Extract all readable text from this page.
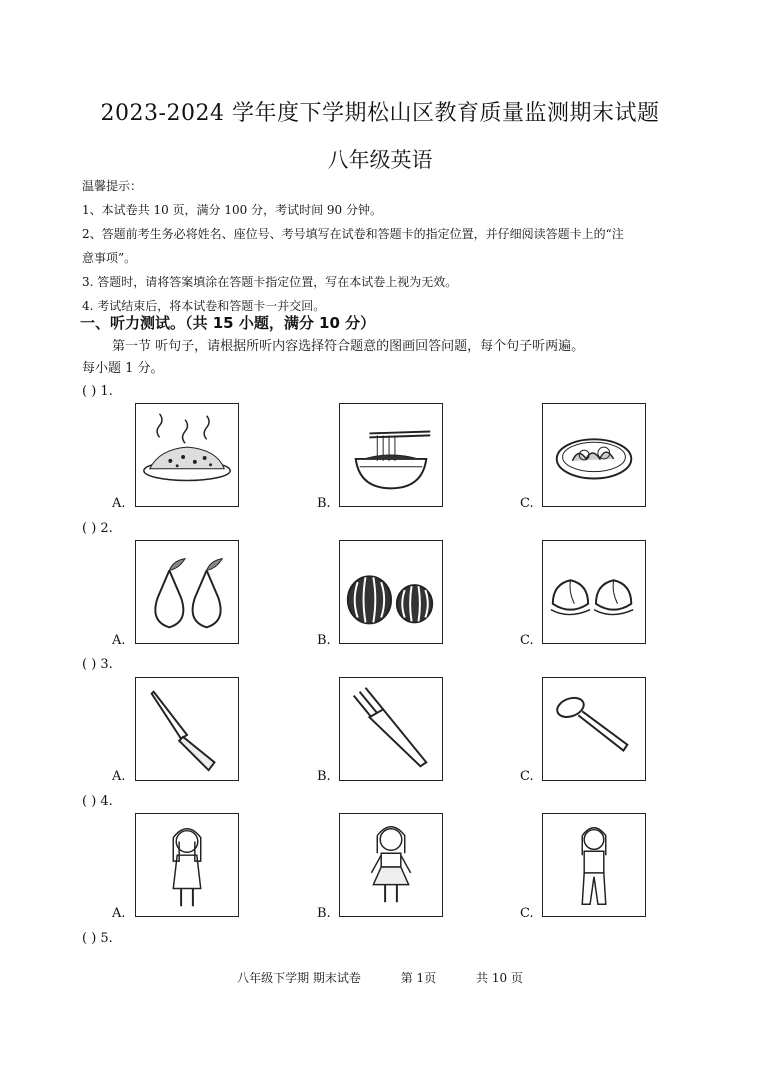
2023-2024 学年度下学期松山区教育质量监测期末试题
八年级英语
温馨提示：
1、本试卷共 10 页，满分 100 分，考试时间 90 分钟。
2、答题前考生务必将姓名、座位号、考号填写在试卷和答题卡的指定位置，并仔细阅读答题卡上的“注
意事项”。
3. 答题时，请将答案填涂在答题卡指定位置，写在本试卷上视为无效。
4. 考试结束后，将本试卷和答题卡一并交回。
一、听力测试。（共 15 小题，满分 10 分）
第一节 听句子，请根据所听内容选择符合题意的图画回答问题，每个句子听两遍。
每小题 1 分。
( ) 1.
A.	B.	C.
( ) 2.
A.	B.	C.
( ) 3.
A.	B.	C.
( ) 4.
A.	B.	C.
( ) 5.
八年级下学期 期末试卷	第 1页	共 10 页
